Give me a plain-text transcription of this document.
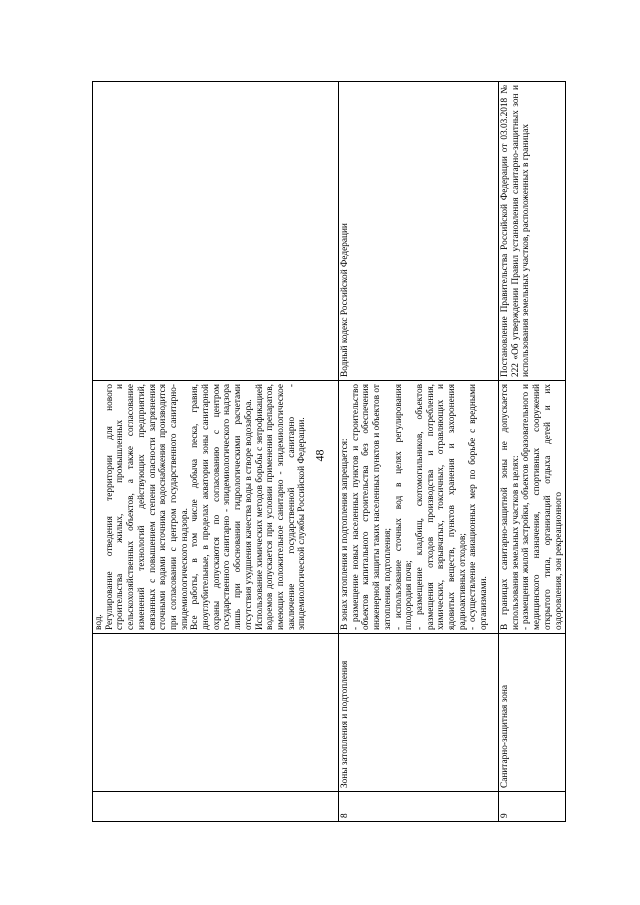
48

		вод. Регулирование отведения территории для нового строительства жилых, промышленных и сельскохозяйственных объектов, а также согласование изменений технологий действующих предприятий, связанных с повышением степени опасности загрязнения сточными водами источника водоснабжения производится при согласовании с центром государственного санитарно-эпидемиологического надзора. Все работы, в том числе добыча песка, гравия, дноуглубительные, в пределах акватории зоны санитарной охраны допускаются по согласованию с центром государственного санитарно - эпидемиологического надзора лишь при обосновании гидрологическими расчетами отсутствия ухудшения качества воды в створе водозабора. Использование химических методов борьбы с эвтрофикацией водоемов допускается при условии применения препаратов, имеющих положительное санитарно - эпидемиологическое заключение государственной санитарно - эпидемиологической службы Российской Федерации.	

8	Зоны затопления и подтопления	В зонах затопления и подтопления запрещается: - размещение новых населенных пунктов и строительство объектов капитального строительства без обеспечения инженерной защиты таких населенных пунктов и объектов от затопления, подтопления; - использование сточных вод в целях регулирования плодородия почв; - размещение кладбищ, скотомогильников, объектов размещения отходов производства и потребления, химических, взрывчатых, токсичных, отравляющих и ядовитых веществ, пунктов хранения и захоронения радиоактивных отходов; - осуществление авиационных мер по борьбе с вредными организмами.	Водный кодекс Российской Федерации
9	Санитарно-защитная зона	В границах санитарно-защитной зоны не допускается использования земельных участков в целях: - размещения жилой застройки, объектов образовательного и медицинского назначения, спортивных сооружений открытого типа, организаций отдыха детей и их оздоровления, зон рекреационного	Постановление Правительства Российской Федерации от 03.03.2018 № 222 «Об утверждении Правил установления санитарно-защитных зон и использования земельных участков, расположенных в границах
